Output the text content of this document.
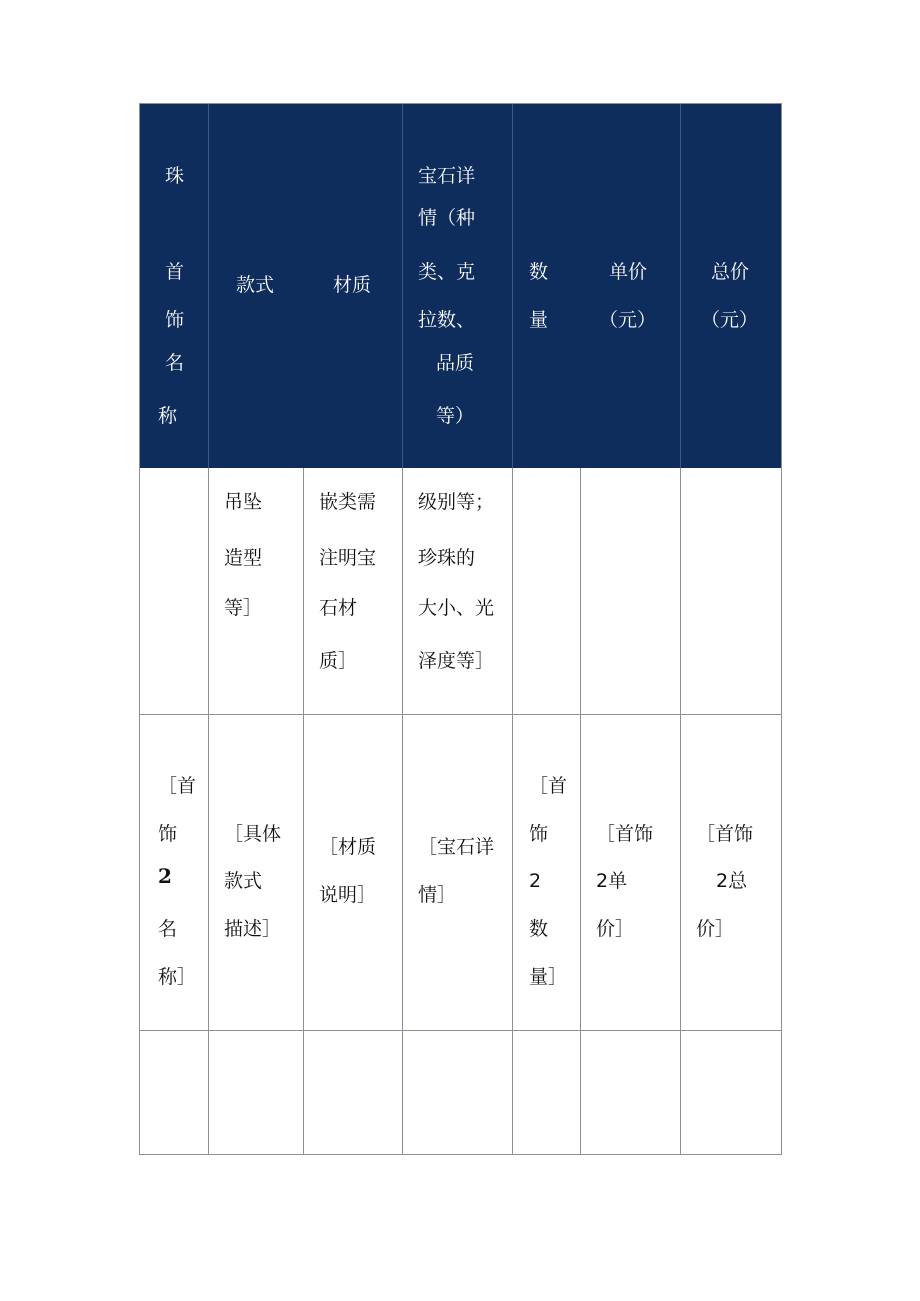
珠
首
饰
名
称
款式	材质
宝石详
情（种
类、克
拉数、
品质
等）
数
量
单价
（元）
总价
（元）
吊坠
造型
等］
嵌类需
注明宝
石材
质］
级别等；
珍珠的
大小、光
泽度等］
［首
饰
2
名
称］
［具体
款式
描述］
［材质
说明］
［宝石详
情］
［首
饰
2
数
量］
［首饰
2单
价］
［首饰
2总
价］
